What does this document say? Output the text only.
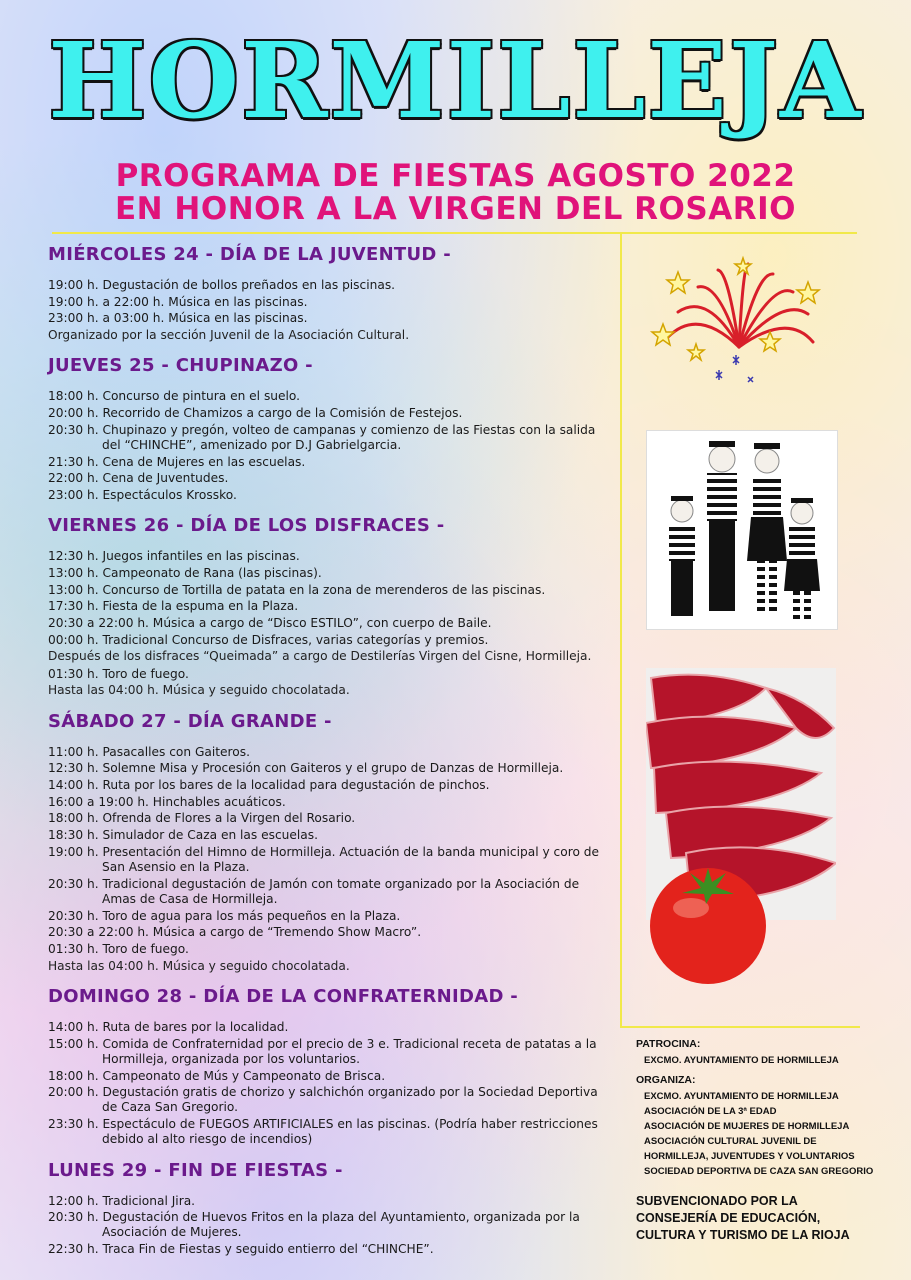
HORMILLEJA
PROGRAMA DE FIESTAS AGOSTO 2022
EN HONOR A LA VIRGEN DEL ROSARIO
MIÉRCOLES 24 - DÍA DE LA JUVENTUD -

19:00 h. Degustación de bollos preñados en las piscinas.

19:00 h. a 22:00 h. Música en las piscinas.

23:00 h. a 03:00 h. Música en las piscinas.

Organizado por la sección Juvenil de la Asociación Cultural.

JUEVES 25 - CHUPINAZO -

18:00 h. Concurso de pintura en el suelo.

20:00 h. Recorrido de Chamizos a cargo de la Comisión de Festejos.

20:30 h. Chupinazo y pregón, volteo de campanas y comienzo de las Fiestas con la salida del “CHINCHE”, amenizado por D.J Gabrielgarcia.

21:30 h. Cena de Mujeres en las escuelas.

22:00 h. Cena de Juventudes.

23:00 h. Espectáculos Krossko.

VIERNES 26 - DÍA DE LOS DISFRACES -

12:30 h. Juegos infantiles en las piscinas.

13:00 h. Campeonato de Rana (las piscinas).

13:00 h. Concurso de Tortilla de patata en la zona de merenderos de las piscinas.

17:30 h. Fiesta de la espuma en la Plaza.

20:30 a 22:00 h. Música a cargo de “Disco ESTILO”, con cuerpo de Baile.

00:00 h. Tradicional Concurso de Disfraces, varias categorías y premios.

Después de los disfraces “Queimada” a cargo de Destilerías Virgen del Cisne, Hormilleja.

01:30 h. Toro de fuego.

Hasta las 04:00 h. Música y seguido chocolatada.

SÁBADO 27 - DÍA GRANDE -

11:00 h. Pasacalles con Gaiteros.

12:30 h. Solemne Misa y Procesión con Gaiteros y el grupo de Danzas de Hormilleja.

14:00 h. Ruta por los bares de la localidad para degustación de pinchos.

16:00 a 19:00 h. Hinchables acuáticos.

18:00 h. Ofrenda de Flores a la Virgen del Rosario.

18:30 h. Simulador de Caza en las escuelas.

19:00 h. Presentación del Himno de Hormilleja. Actuación de la banda municipal y coro de San Asensio en la Plaza.

20:30 h. Tradicional degustación de Jamón con tomate organizado por la Asociación de Amas de Casa de Hormilleja.

20:30 h. Toro de agua para los más pequeños en la Plaza.

20:30 a 22:00 h. Música a cargo de “Tremendo Show Macro”.

01:30 h. Toro de fuego.

Hasta las 04:00 h. Música y seguido chocolatada.

DOMINGO 28 - DÍA DE LA CONFRATERNIDAD -

14:00 h. Ruta de bares por la localidad.

15:00 h. Comida de Confraternidad por el precio de 3 e. Tradicional receta de patatas a la Hormilleja, organizada por los voluntarios.

18:00 h. Campeonato de Mús y Campeonato de Brisca.

20:00 h. Degustación gratis de chorizo y salchichón organizado por la Sociedad Deportiva de Caza San Gregorio.

23:30 h. Espectáculo de FUEGOS ARTIFICIALES en las piscinas. (Podría haber restricciones debido al alto riesgo de incendios)

LUNES 29 - FIN DE FIESTAS -

12:00 h. Tradicional Jira.

20:30 h. Degustación de Huevos Fritos en la plaza del Ayuntamiento, organizada por la Asociación de Mujeres.

22:30 h. Traca Fin de Fiestas y seguido entierro del “CHINCHE”.

PATROCINA:

EXCMO. AYUNTAMIENTO DE HORMILLEJA

ORGANIZA:

EXCMO. AYUNTAMIENTO DE HORMILLEJA

ASOCIACIÓN DE LA 3ª EDAD

ASOCIACIÓN DE MUJERES DE HORMILLEJA

ASOCIACIÓN CULTURAL JUVENIL DE

HORMILLEJA, JUVENTUDES Y VOLUNTARIOS

SOCIEDAD DEPORTIVA DE CAZA SAN GREGORIO

SUBVENCIONADO POR LA CONSEJERÍA DE EDUCACIÓN, CULTURA Y TURISMO DE LA RIOJA
